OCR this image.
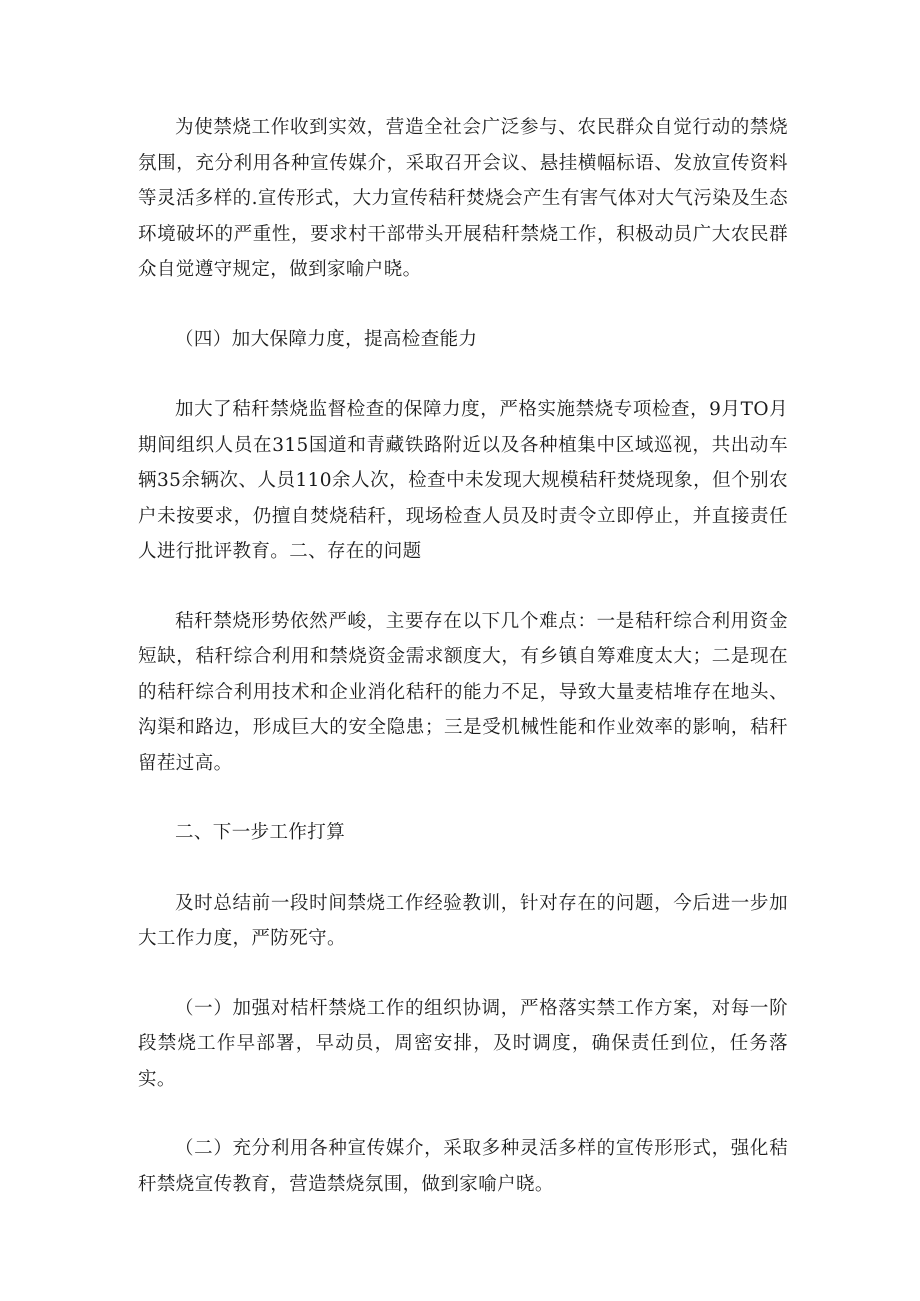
为使禁烧工作收到实效，营造全社会广泛参与、农民群众自觉行动的禁烧氛围，充分利用各种宣传媒介，采取召开会议、悬挂横幅标语、发放宣传资料等灵活多样的.宣传形式，大力宣传秸秆焚烧会产生有害气体对大气污染及生态环境破坏的严重性，要求村干部带头开展秸秆禁烧工作，积极动员广大农民群众自觉遵守规定，做到家喻户晓。

（四）加大保障力度，提高检查能力

加大了秸秆禁烧监督检查的保障力度，严格实施禁烧专项检查，9月TO月期间组织人员在315国道和青藏铁路附近以及各种植集中区域巡视，共出动车辆35余辆次、人员110余人次，检查中未发现大规模秸秆焚烧现象，但个别农户未按要求，仍擅自焚烧秸秆，现场检查人员及时责令立即停止，并直接责任人进行批评教育。二、存在的问题

秸秆禁烧形势依然严峻，主要存在以下几个难点：一是秸秆综合利用资金短缺，秸秆综合利用和禁烧资金需求额度大，有乡镇自筹难度太大；二是现在的秸秆综合利用技术和企业消化秸秆的能力不足，导致大量麦桔堆存在地头、沟渠和路边，形成巨大的安全隐患；三是受机械性能和作业效率的影响，秸秆留茬过高。

二、下一步工作打算

及时总结前一段时间禁烧工作经验教训，针对存在的问题，今后进一步加大工作力度，严防死守。

（一）加强对桔杆禁烧工作的组织协调，严格落实禁工作方案，对每一阶段禁烧工作早部署，早动员，周密安排，及时调度，确保责任到位，任务落实。

（二）充分利用各种宣传媒介，采取多种灵活多样的宣传形形式，强化秸秆禁烧宣传教育，营造禁烧氛围，做到家喻户晓。
